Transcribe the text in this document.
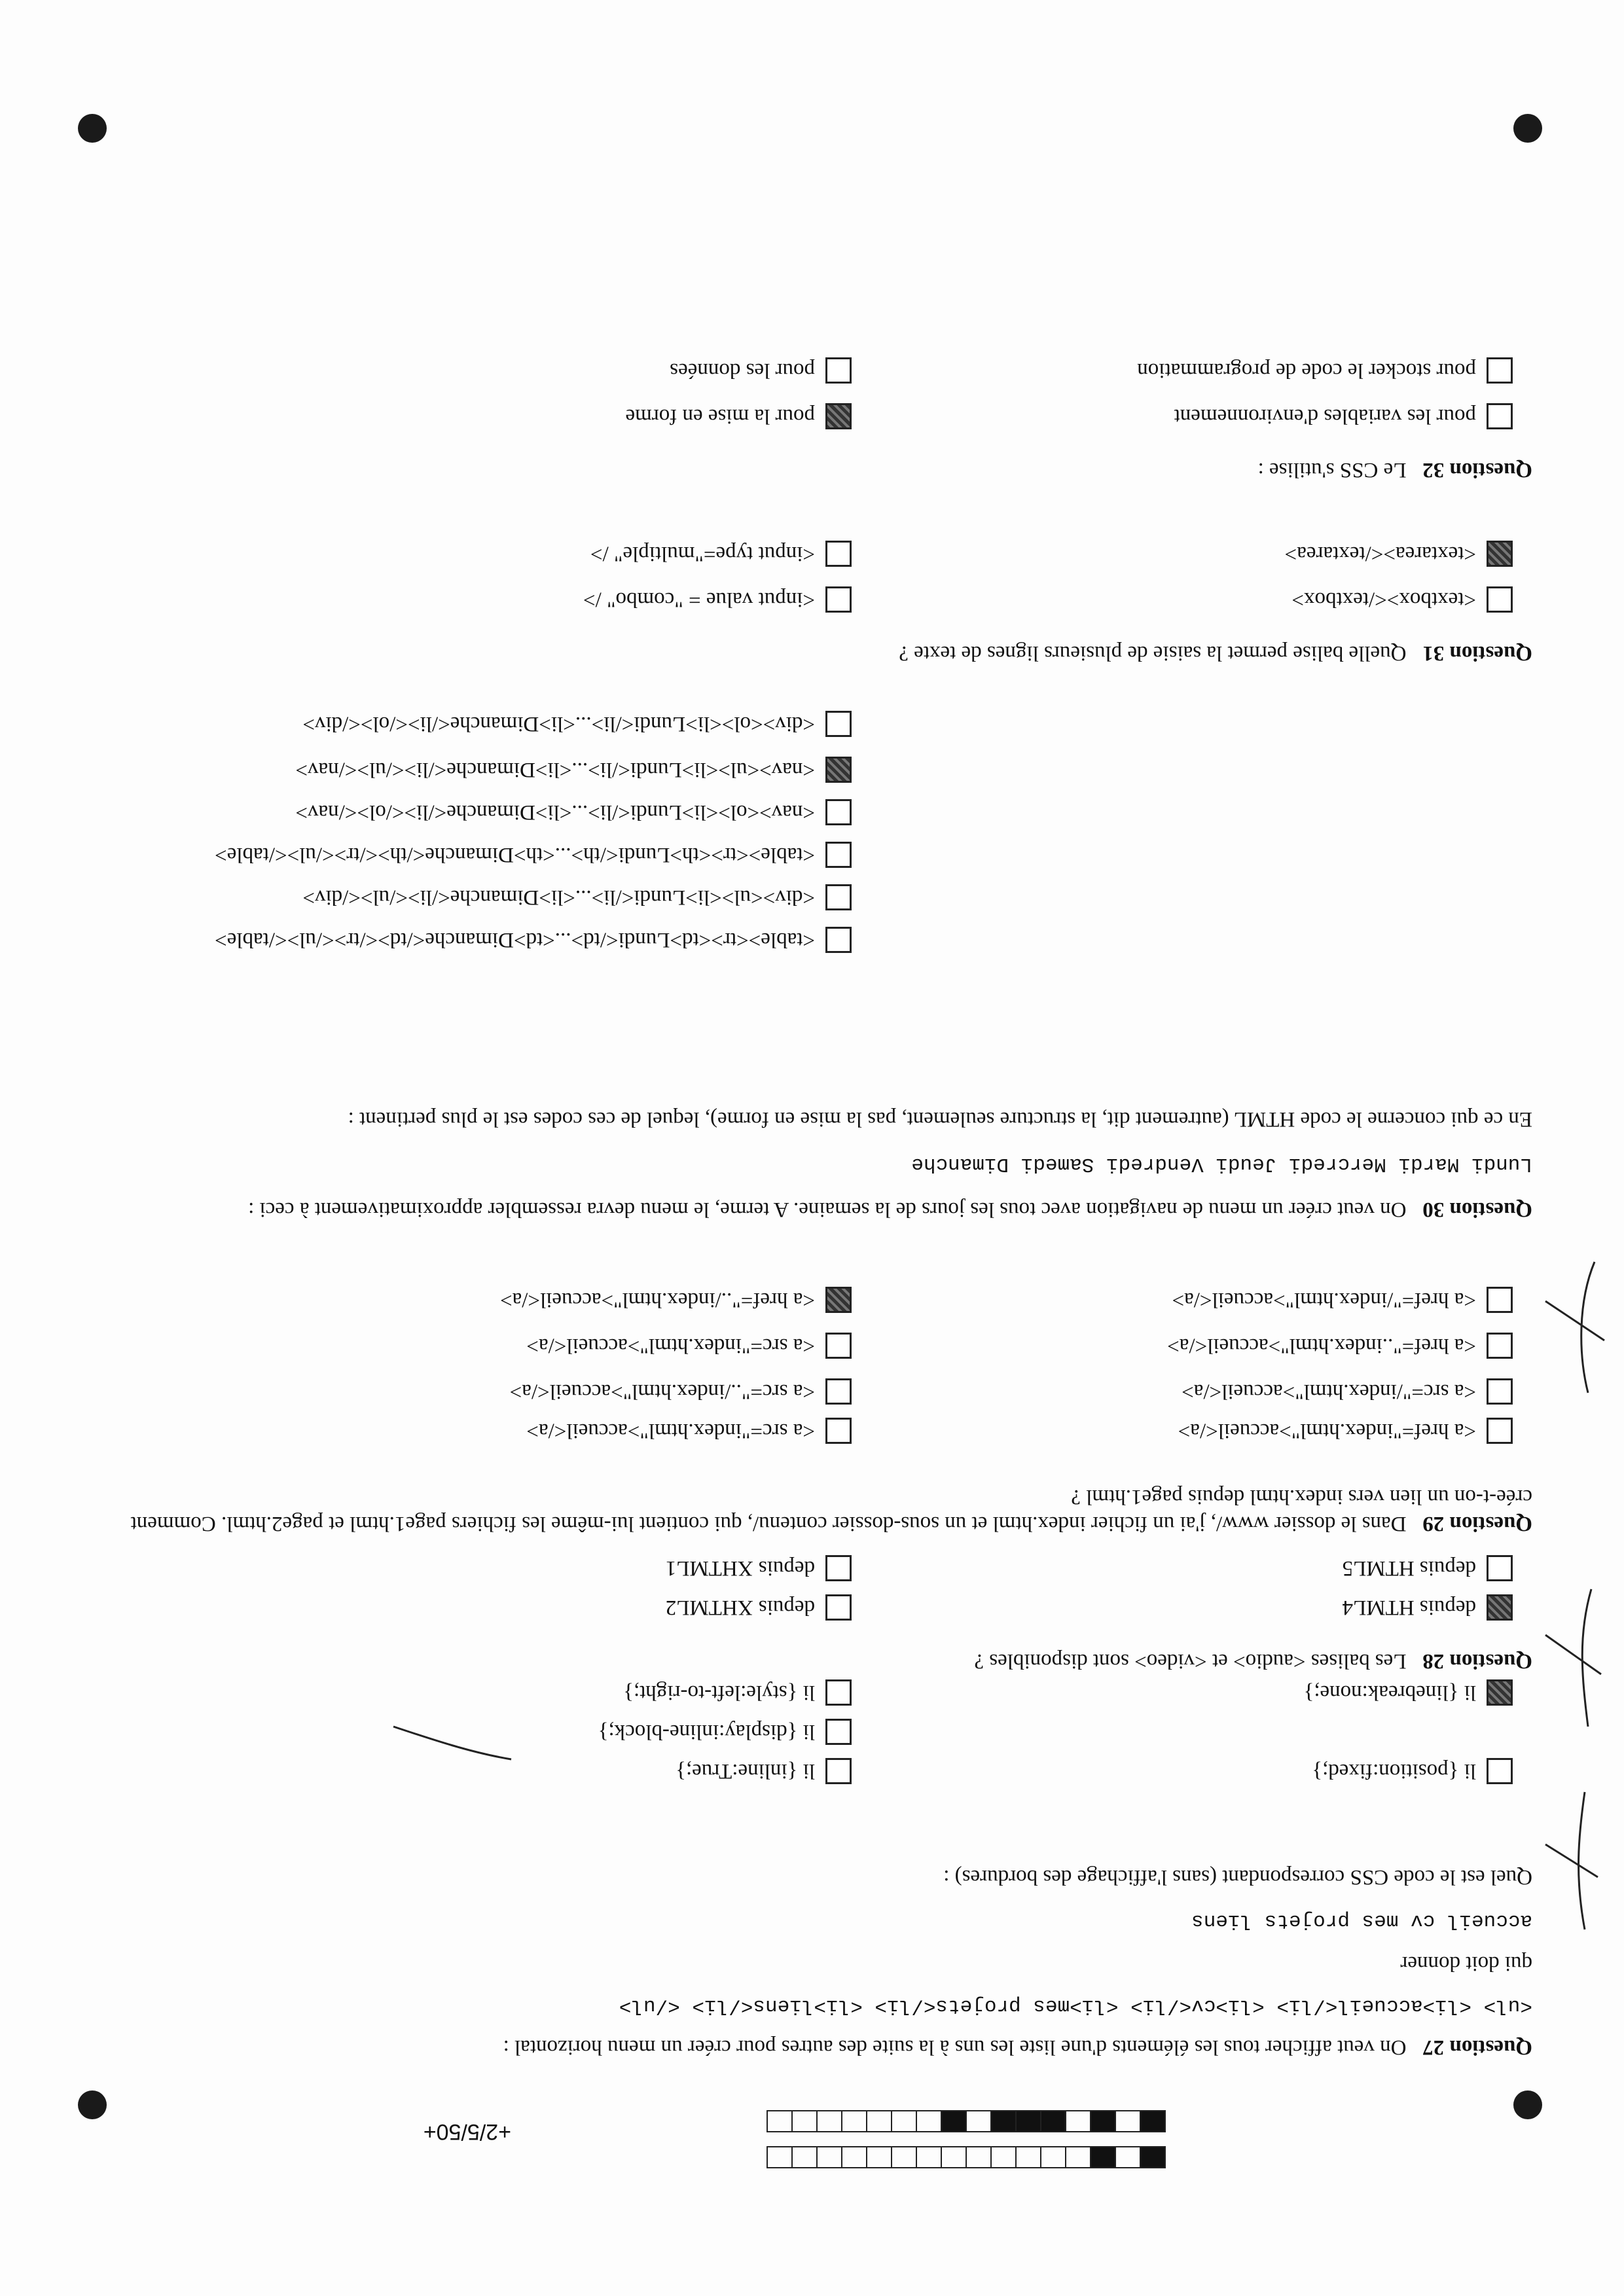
+2/5/50+
Question 27   On veut afficher tous les éléments d'une liste les uns à la suite des autres pour créer un menu horizontal :
<ul> <li>accueil</li> <li>cv</li> <li>mes projets</li> <li>liens</li> </ul>
qui doit donner
accueil cv mes projets liens
Quel est le code CSS correspondant (sans l'affichage des bordures) :
li {inline:True;}	li {position:fixed;}
li {display:inline-block;}
li {style:left-to-right;}	li {linebreak:none;}
Question 28   Les balises <audio> et <video> sont disponibles ?
depuis HTML4
depuis XHTML2
depuis HTML5
depuis XHTML1
Question 29   Dans le dossier www/, j'ai un fichier index.html et un sous-dossier contenu/, qui contient lui-même les fichiers page1.html et page2.html. Comment crée-t-on un lien vers index.html depuis page1.html ?
<a href="index.html">accueil</a>
<a src="index.html">accueil</a>
<a src="/index.html">accueil</a>
<a src="../index.html">accueil</a>
<a src="index.html">accueil</a>	<a href="..index.html">accueil</a>
<a href="../index.html">accueil</a>	<a href="/index.html">accueil</a>
Question 30   On veut créer un menu de navigation avec tous les jours de la semaine. A terme, le menu devra ressembler approximativement à ceci :
Lundi Mardi Mercredi Jeudi Vendredi Samedi Dimanche
En ce qui concerne le code HTML (autrement dit, la structure seulement, pas la mise en forme), lequel de ces codes est le plus pertinent :
<table><tr><td>Lundi</td>...<td>Dimanche</td></tr></ul></table>
<div><ul><li>Lundi</li>...<li>Dimanche</li></ul></div>
<table><tr><th>Lundi</th>...<th>Dimanche</th></tr></ul></table>
<nav><ol><li>Lundi</li>...<li>Dimanche</li></ol></nav>
<nav><ul><li>Lundi</li>...<li>Dimanche</li></ul></nav>
<div><ol><li>Lundi</li>...<li>Dimanche</li></ol></div>
Question 31   Quelle balise permet la saisie de plusieurs lignes de texte ?
<textbox></textbox>
<input value = "combo" />
<textarea></textarea>
<input type="multiple" />
Question 32   Le CSS s'utilise :
pour la mise en forme	pour les variables d'environnement
pour les données	pour stocker le code de programmation
